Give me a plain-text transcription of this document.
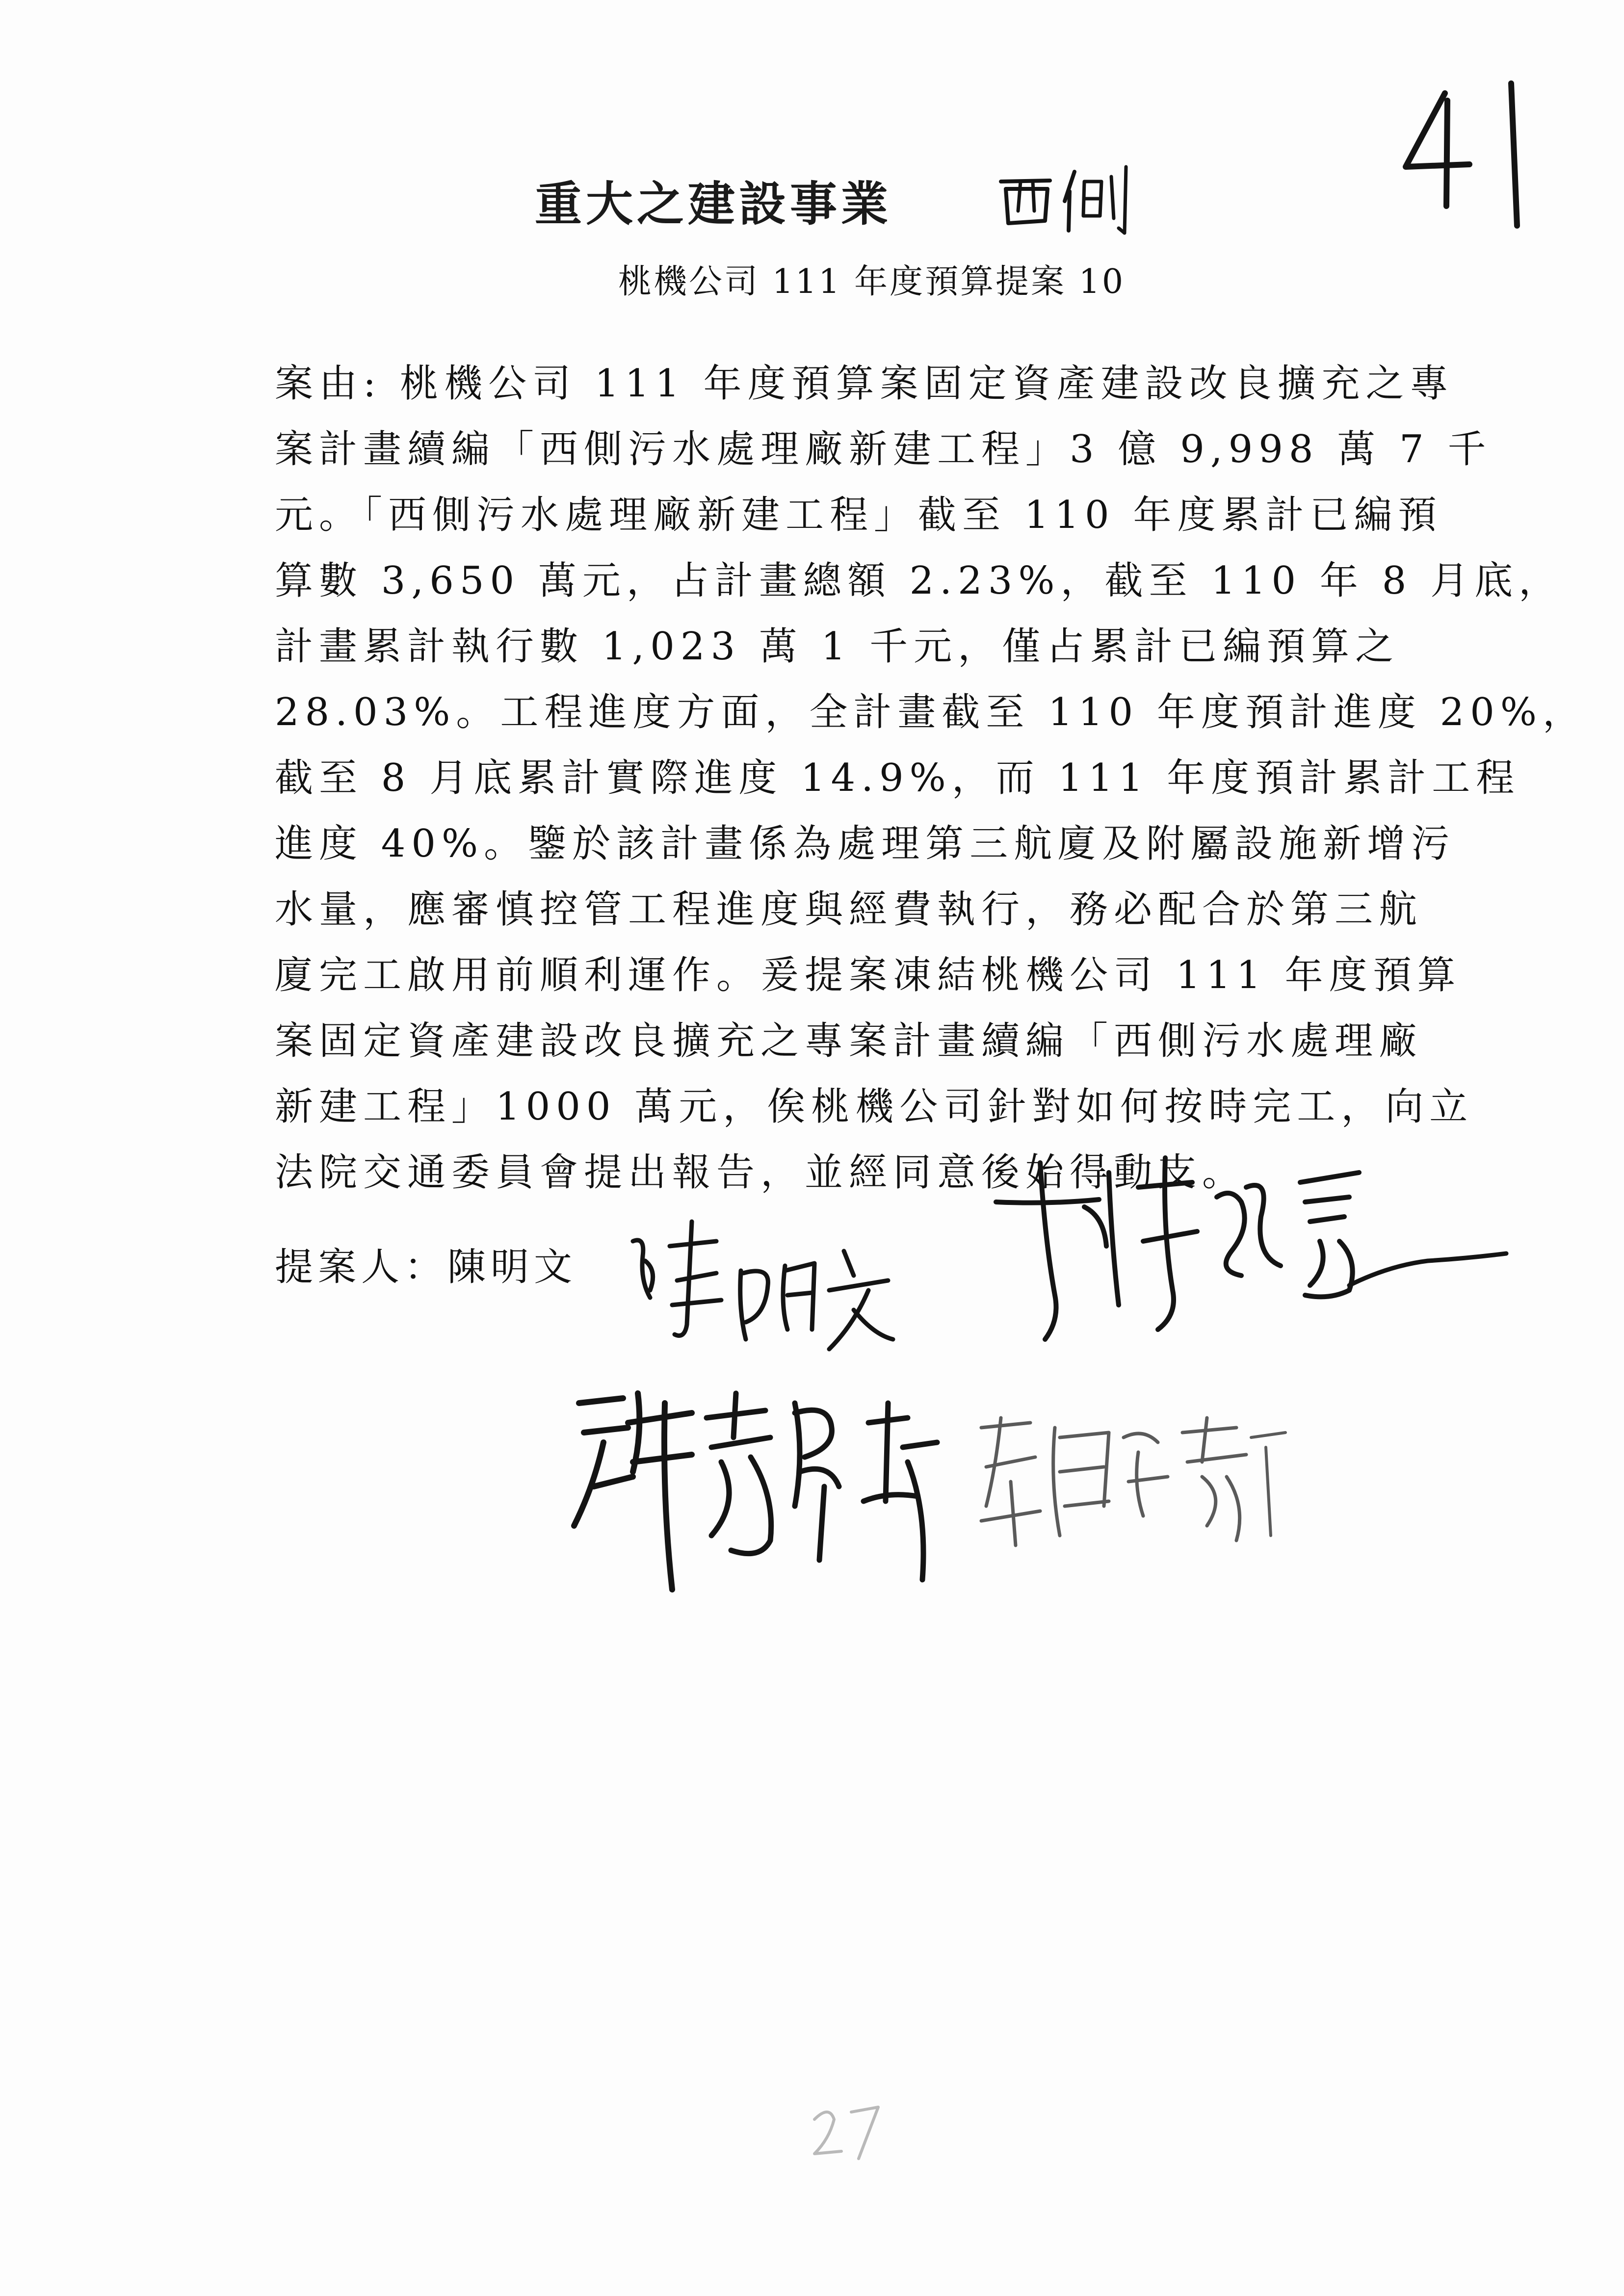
重大之建設事業
桃機公司 111 年度預算提案 10
案由: 桃機公司 111 年度預算案固定資產建設改良擴充之專
案計畫續編「西側污水處理廠新建工程」3 億 9,998 萬 7 千
元。「西側污水處理廠新建工程」截至 110 年度累計已編預
算數 3,650 萬元，占計畫總額 2.23%，截至 110 年 8 月底，
計畫累計執行數 1,023 萬 1 千元，僅占累計已編預算之
28.03%。工程進度方面，全計畫截至 110 年度預計進度 20%，
截至 8 月底累計實際進度 14.9%，而 111 年度預計累計工程
進度 40%。鑒於該計畫係為處理第三航廈及附屬設施新增污
水量，應審慎控管工程進度與經費執行，務必配合於第三航
廈完工啟用前順利運作。爰提案凍結桃機公司 111 年度預算
案固定資產建設改良擴充之專案計畫續編「西側污水處理廠
新建工程」1000 萬元，俟桃機公司針對如何按時完工，向立
法院交通委員會提出報告，並經同意後始得動支。
提案人：陳明文
